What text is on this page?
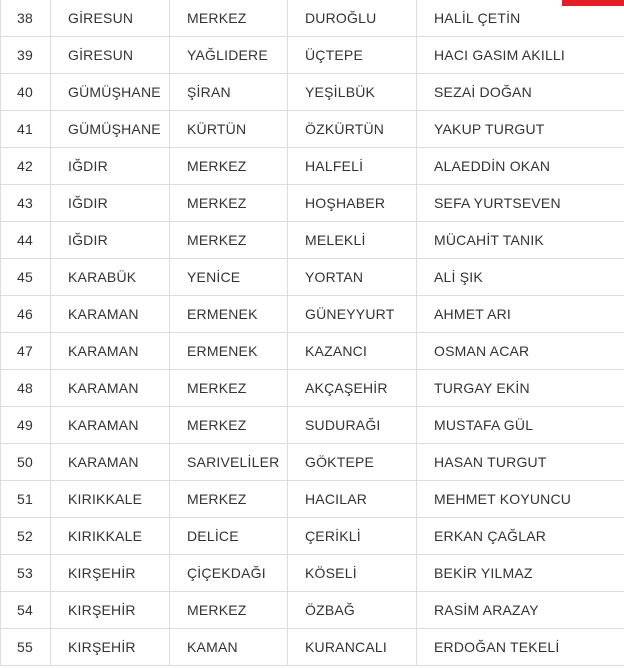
38	GİRESUN	MERKEZ	DUROĞLU	HALİL ÇETİN
39	GİRESUN	YAĞLIDERE	ÜÇTEPE	HACI GASIM AKILLI
40	GÜMÜŞHANE	ŞİRAN	YEŞİLBÜK	SEZAİ DOĞAN
41	GÜMÜŞHANE	KÜRTÜN	ÖZKÜRTÜN	YAKUP TURGUT
42	IĞDIR	MERKEZ	HALFELİ	ALAEDDİN OKAN
43	IĞDIR	MERKEZ	HOŞHABER	SEFA YURTSEVEN
44	IĞDIR	MERKEZ	MELEKLİ	MÜCAHİT TANIK
45	KARABÜK	YENİCE	YORTAN	ALİ ŞIK
46	KARAMAN	ERMENEK	GÜNEYYURT	AHMET ARI
47	KARAMAN	ERMENEK	KAZANCI	OSMAN ACAR
48	KARAMAN	MERKEZ	AKÇAŞEHİR	TURGAY EKİN
49	KARAMAN	MERKEZ	SUDURAĞI	MUSTAFA GÜL
50	KARAMAN	SARIVELİLER	GÖKTEPE	HASAN TURGUT
51	KIRIKKALE	MERKEZ	HACILAR	MEHMET KOYUNCU
52	KIRIKKALE	DELİCE	ÇERİKLİ	ERKAN ÇAĞLAR
53	KIRŞEHİR	ÇİÇEKDAĞI	KÖSELİ	BEKİR YILMAZ
54	KIRŞEHİR	MERKEZ	ÖZBAĞ	RASİM ARAZAY
55	KIRŞEHİR	KAMAN	KURANCALI	ERDOĞAN TEKELİ
